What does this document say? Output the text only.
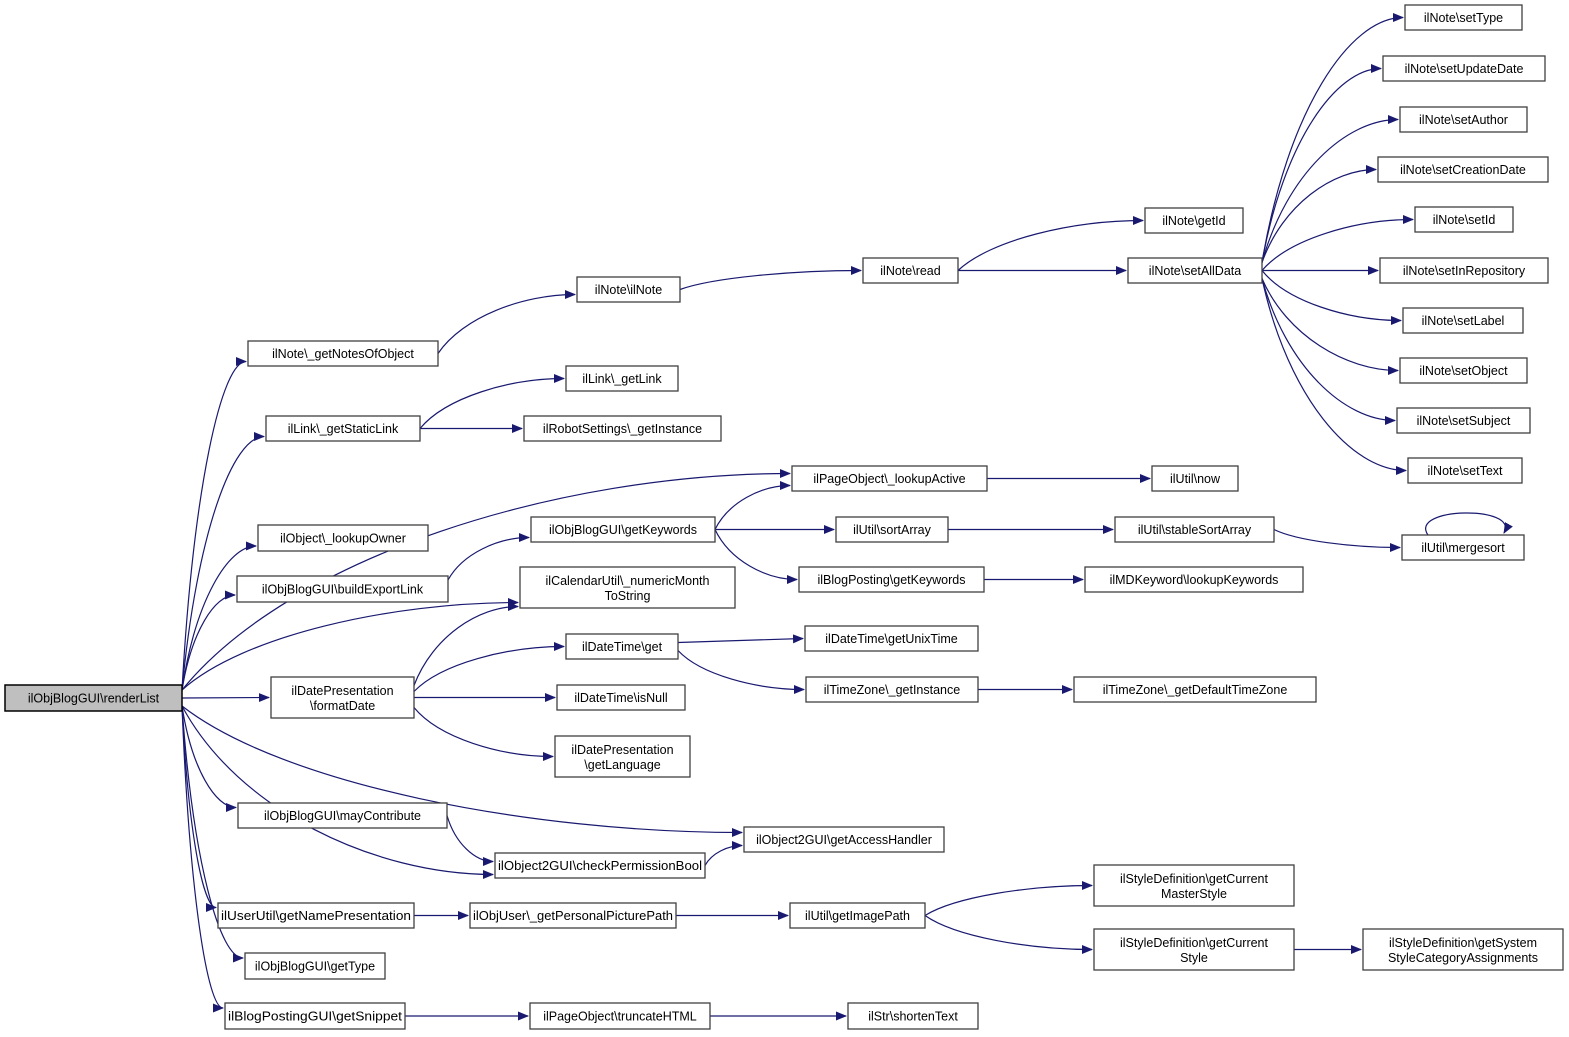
ilObjBlogGUI\renderList
ilNote\_getNotesOfObject
ilNote\ilNote
ilNote\read
ilNote\getId
ilNote\setAllData
ilNote\setType
ilNote\setUpdateDate
ilNote\setAuthor
ilNote\setCreationDate
ilNote\setId
ilNote\setInRepository
ilNote\setLabel
ilNote\setObject
ilNote\setSubject
ilNote\setText
ilLink\_getStaticLink
ilLink\_getLink
ilRobotSettings\_getInstance
ilPageObject\_lookupActive	ilUtil\now
ilObject\_lookupOwner
ilObjBlogGUI\buildExportLink
ilObjBlogGUI\getKeywords	ilUtil\sortArray	ilUtil\stableSortArray
ilUtil\mergesort
ilBlogPosting\getKeywords	ilMDKeyword\lookupKeywords
ilCalendarUtil\_numericMonth ToString
ilDatePresentation \formatDate
ilDateTime\get
ilDateTime\getUnixTime
ilTimeZone\_getInstance	ilTimeZone\_getDefaultTimeZone
ilDateTime\isNull
ilDatePresentation \getLanguage
ilObjBlogGUI\mayContribute
ilObject2GUI\checkPermissionBool
ilObject2GUI\getAccessHandler
ilUserUtil\getNamePresentation	ilObjUser\_getPersonalPicturePath	ilUtil\getImagePath
ilStyleDefinition\getCurrent MasterStyle
ilStyleDefinition\getCurrent Style
ilStyleDefinition\getSystem StyleCategoryAssignments
ilObjBlogGUI\getType
ilBlogPostingGUI\getSnippet	ilPageObject\truncateHTML	ilStr\shortenText
